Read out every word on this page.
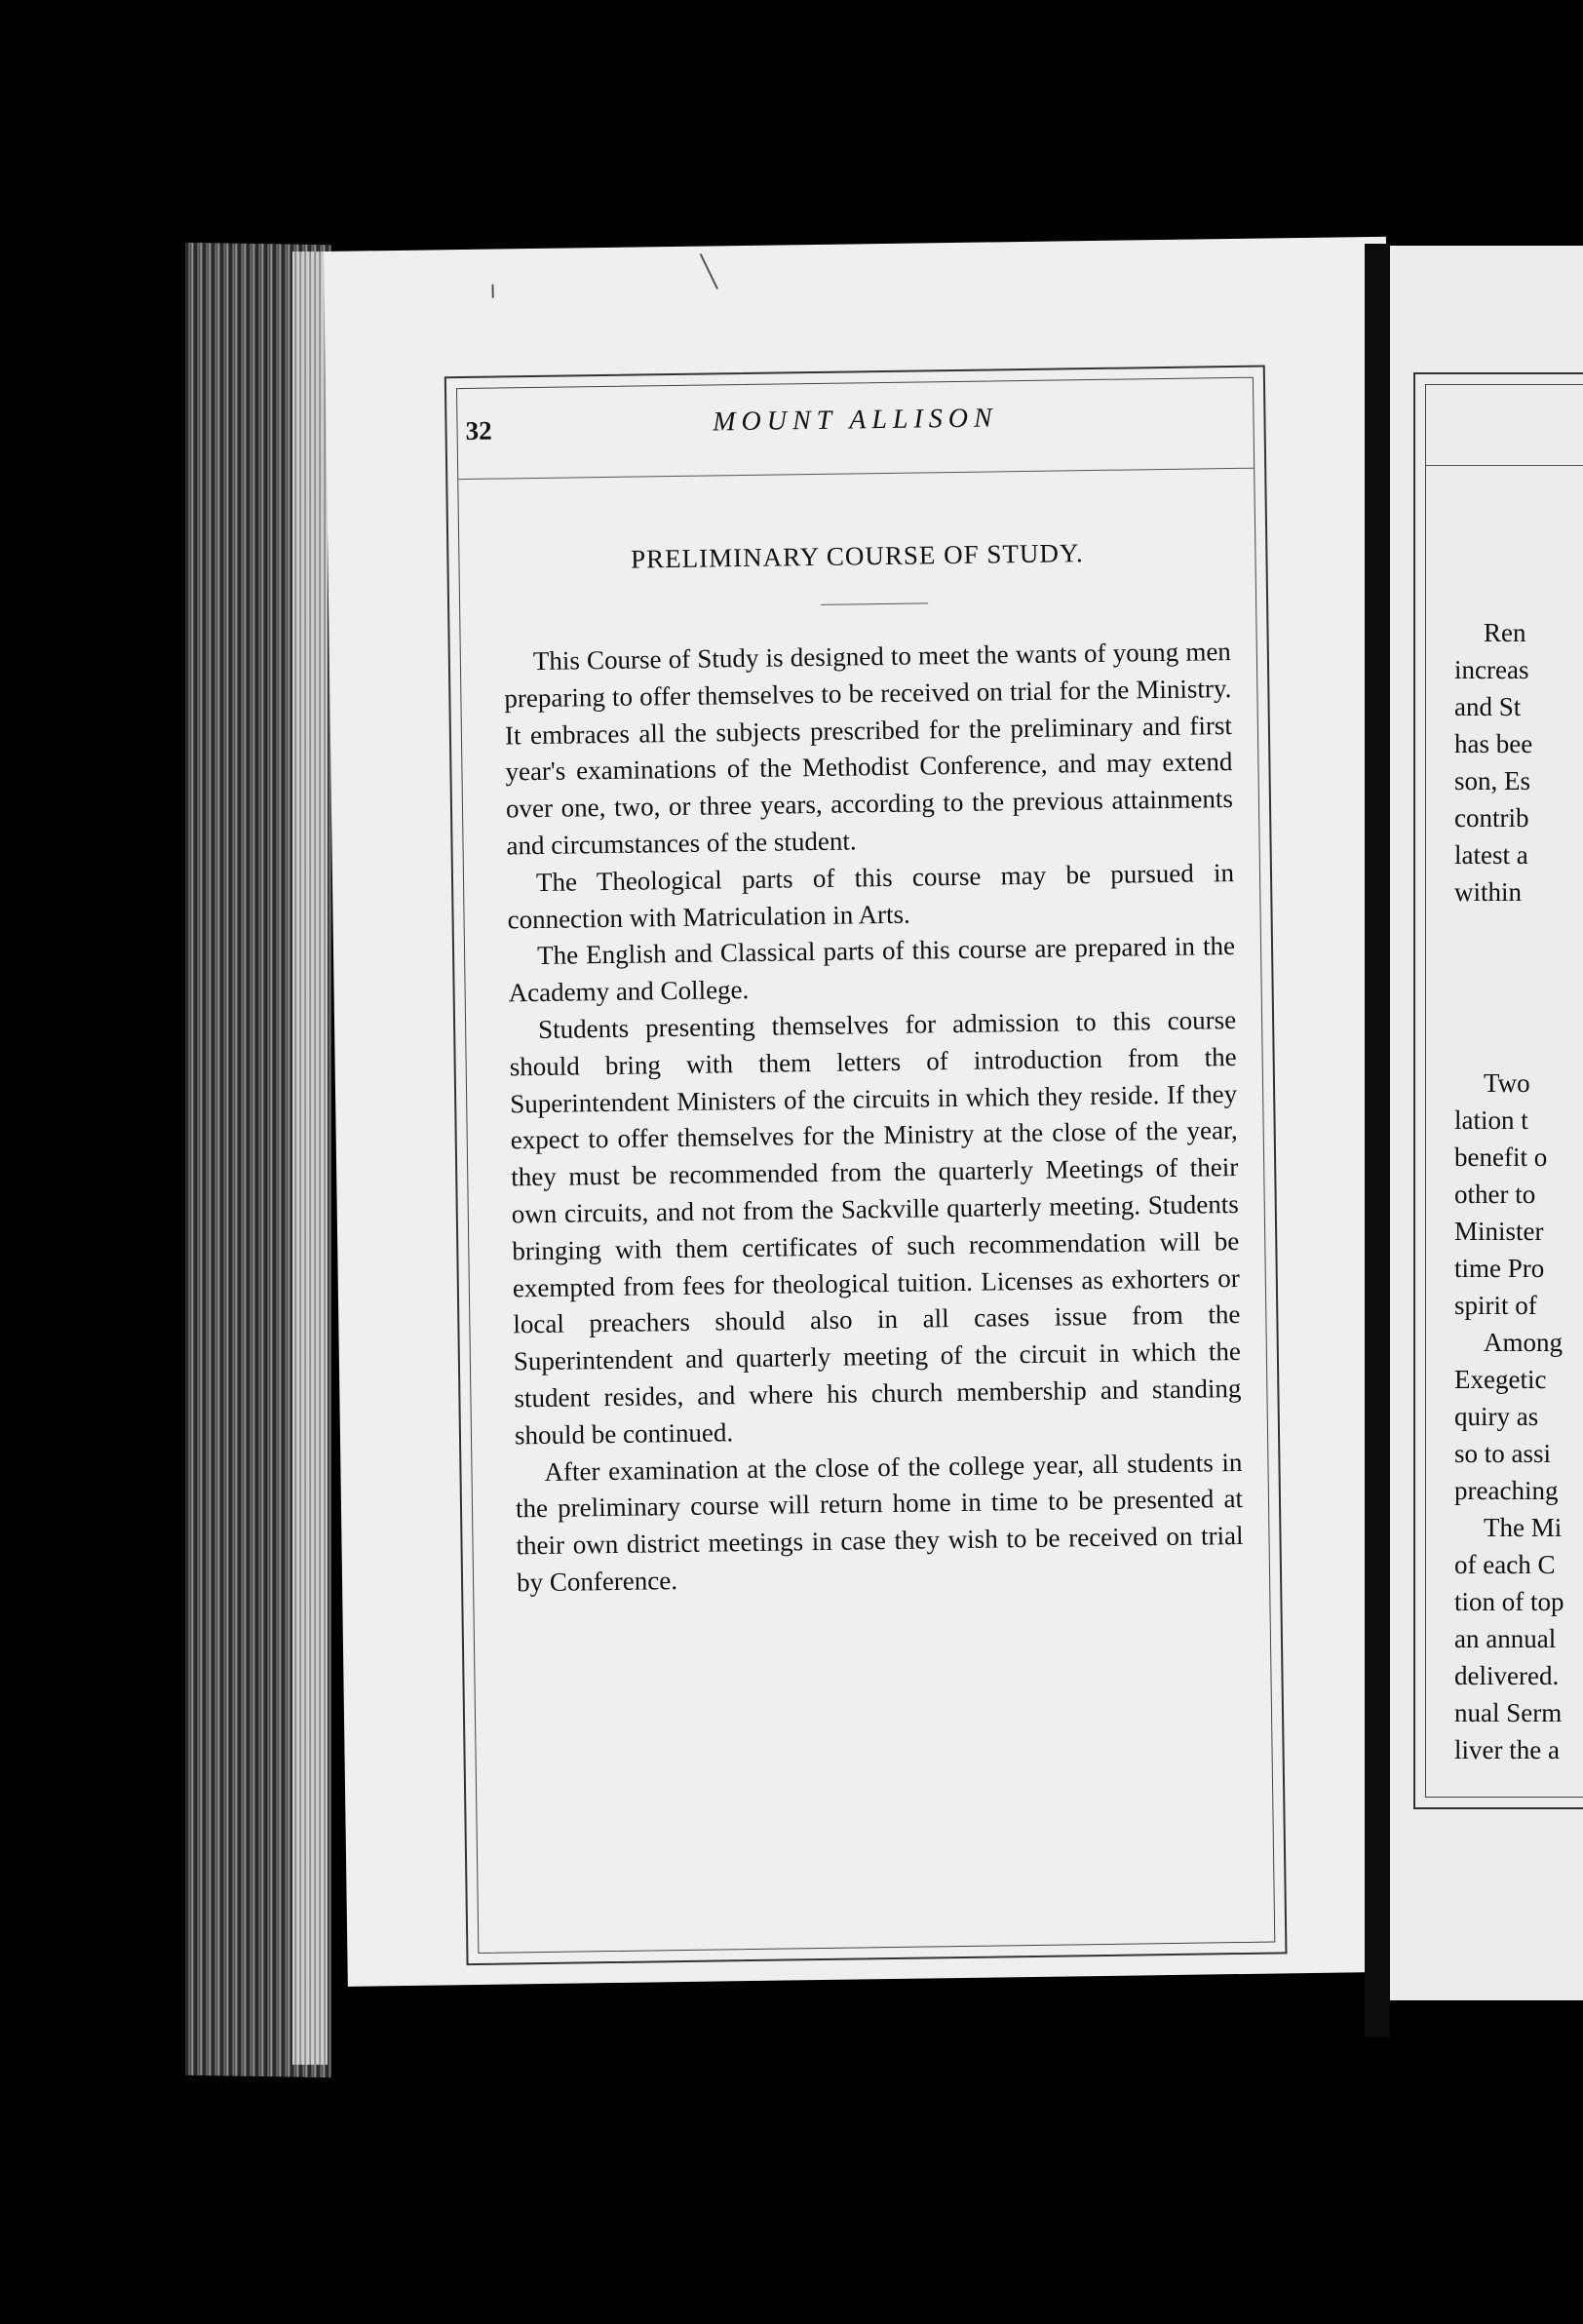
32	MOUNT ALLISON
PRELIMINARY COURSE OF STUDY.

This Course of Study is designed to meet the wants of young men preparing to offer themselves to be received on trial for the Ministry. It embraces all the subjects prescribed for the preliminary and first year's examinations of the Methodist Conference, and may extend over one, two, or three years, according to the previous attainments and circumstances of the student.

The Theological parts of this course may be pursued in connection with Matriculation in Arts.

The English and Classical parts of this course are prepared in the Academy and College.

Students presenting themselves for admission to this course should bring with them letters of introduction from the Superintendent Ministers of the circuits in which they reside. If they expect to offer themselves for the Ministry at the close of the year, they must be recommended from the quarterly Meetings of their own circuits, and not from the Sackville quarterly meeting. Students bringing with them certificates of such recommendation will be exempted from fees for theological tuition. Licenses as exhorters or local preachers should also in all cases issue from the Superintendent and quarterly meeting of the circuit in which the student resides, and where his church membership and standing should be continued.

After examination at the close of the college year, all students in the preliminary course will return home in time to be presented at their own district meetings in case they wish to be received on trial by Conference.

Ren
increas
and St
has bee
son, Es
contrib
latest a
within
Two
lation t
benefit o
other to
Minister
time Pro
spirit of
Among
Exegetic
quiry as
so to assi
preaching
The Mi
of each C
tion of top
an annual
delivered.
nual Serm
liver the a
